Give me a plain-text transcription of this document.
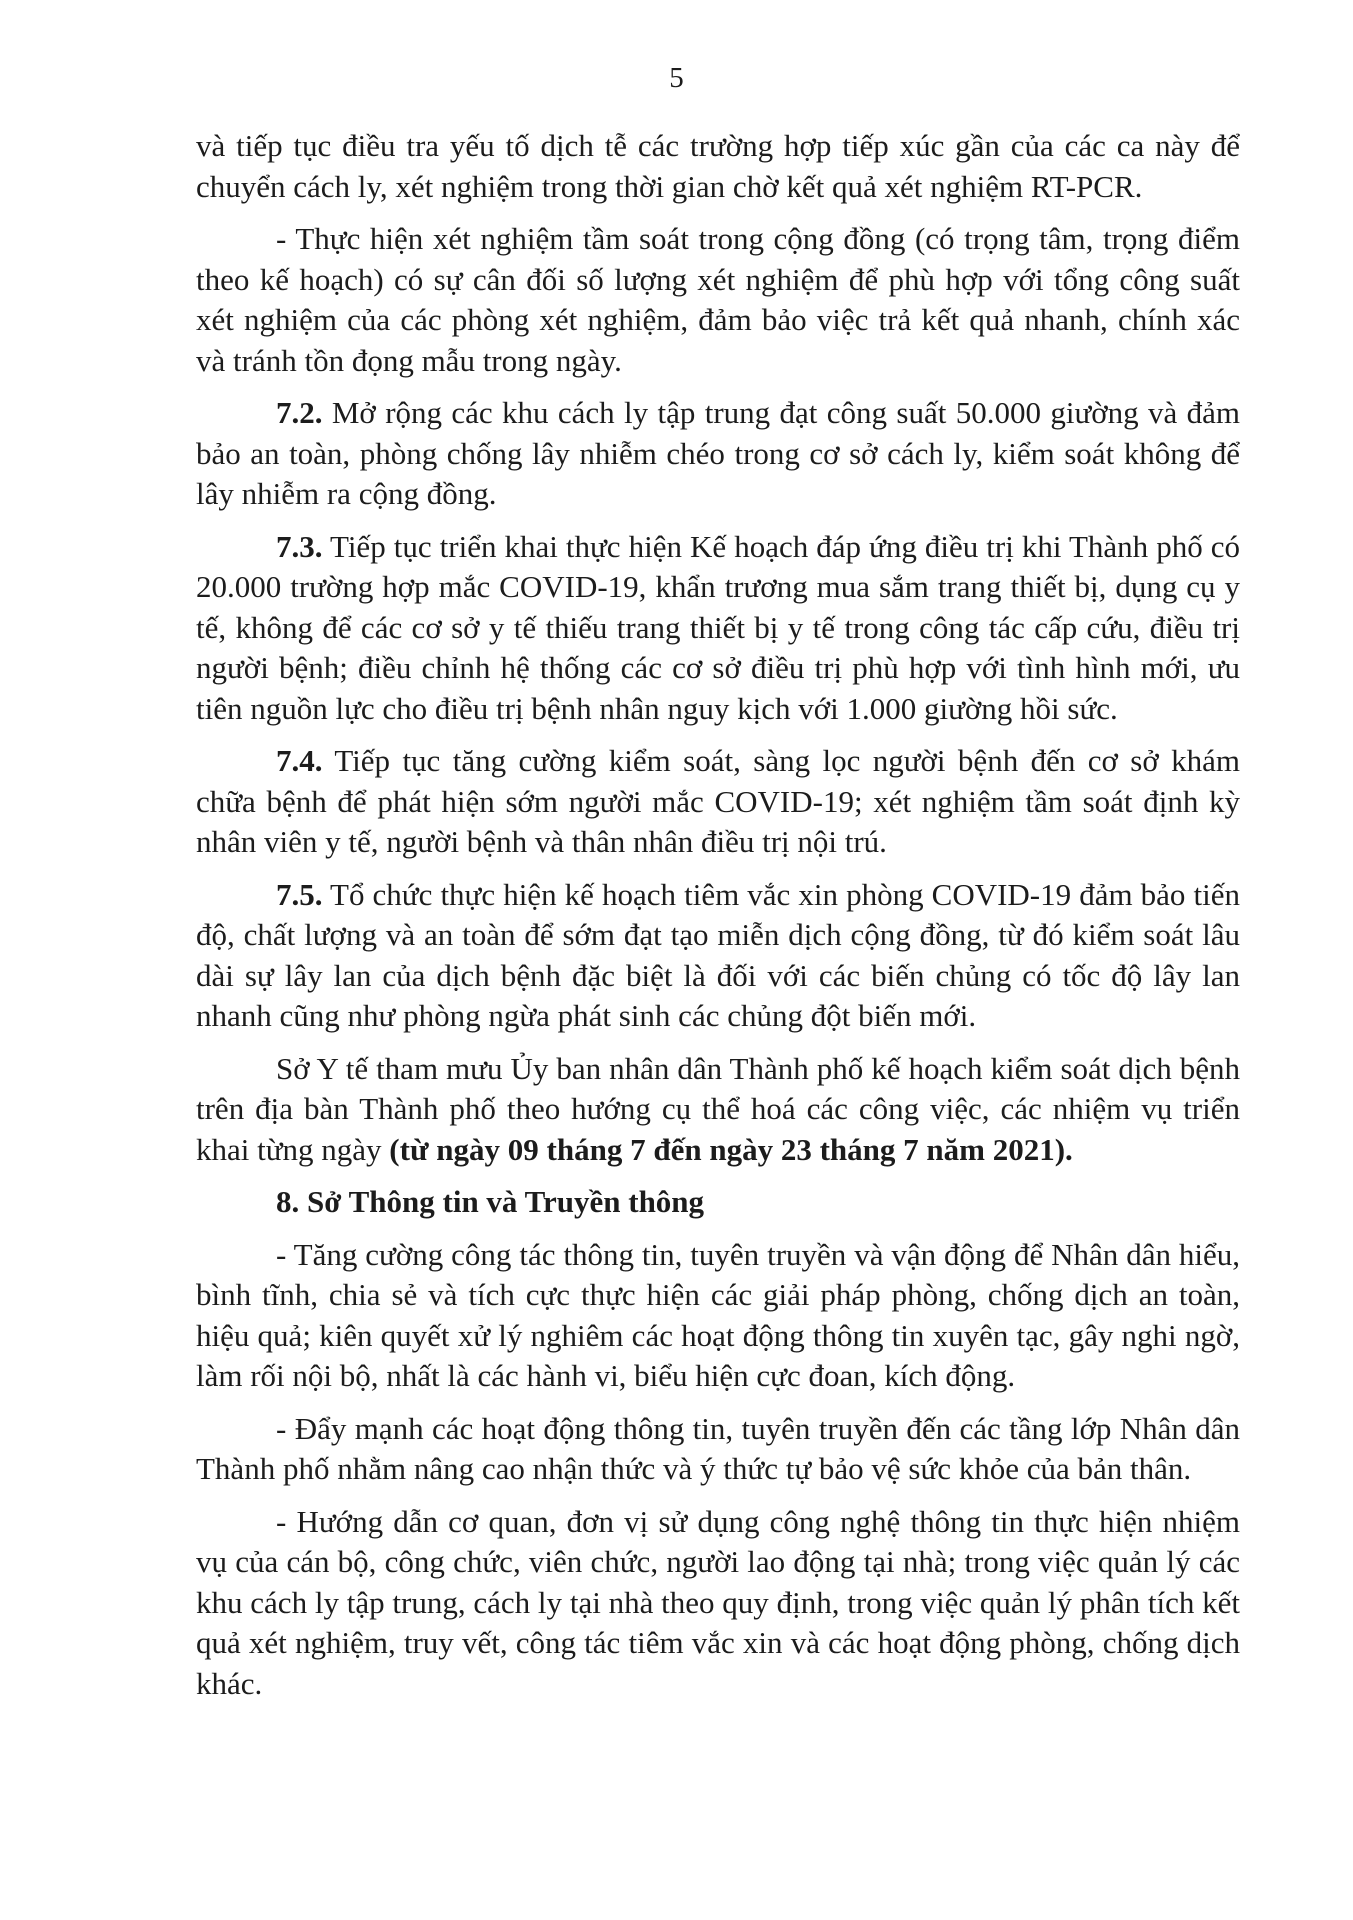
5

và tiếp tục điều tra yếu tố dịch tễ các trường hợp tiếp xúc gần của các ca này để chuyển cách ly, xét nghiệm trong thời gian chờ kết quả xét nghiệm RT-PCR.

- Thực hiện xét nghiệm tầm soát trong cộng đồng (có trọng tâm, trọng điểm theo kế hoạch) có sự cân đối số lượng xét nghiệm để phù hợp với tổng công suất xét nghiệm của các phòng xét nghiệm, đảm bảo việc trả kết quả nhanh, chính xác và tránh tồn đọng mẫu trong ngày.

7.2. Mở rộng các khu cách ly tập trung đạt công suất 50.000 giường và đảm bảo an toàn, phòng chống lây nhiễm chéo trong cơ sở cách ly, kiểm soát không để lây nhiễm ra cộng đồng.

7.3. Tiếp tục triển khai thực hiện Kế hoạch đáp ứng điều trị khi Thành phố có 20.000 trường hợp mắc COVID-19, khẩn trương mua sắm trang thiết bị, dụng cụ y tế, không để các cơ sở y tế thiếu trang thiết bị y tế trong công tác cấp cứu, điều trị người bệnh; điều chỉnh hệ thống các cơ sở điều trị phù hợp với tình hình mới, ưu tiên nguồn lực cho điều trị bệnh nhân nguy kịch với 1.000 giường hồi sức.

7.4. Tiếp tục tăng cường kiểm soát, sàng lọc người bệnh đến cơ sở khám chữa bệnh để phát hiện sớm người mắc COVID-19; xét nghiệm tầm soát định kỳ nhân viên y tế, người bệnh và thân nhân điều trị nội trú.

7.5. Tổ chức thực hiện kế hoạch tiêm vắc xin phòng COVID-19 đảm bảo tiến độ, chất lượng và an toàn để sớm đạt tạo miễn dịch cộng đồng, từ đó kiểm soát lâu dài sự lây lan của dịch bệnh đặc biệt là đối với các biến chủng có tốc độ lây lan nhanh cũng như phòng ngừa phát sinh các chủng đột biến mới.

Sở Y tế tham mưu Ủy ban nhân dân Thành phố kế hoạch kiểm soát dịch bệnh trên địa bàn Thành phố theo hướng cụ thể hoá các công việc, các nhiệm vụ triển khai từng ngày (từ ngày 09 tháng 7 đến ngày 23 tháng 7 năm 2021).

8. Sở Thông tin và Truyền thông

- Tăng cường công tác thông tin, tuyên truyền và vận động để Nhân dân hiểu, bình tĩnh, chia sẻ và tích cực thực hiện các giải pháp phòng, chống dịch an toàn, hiệu quả; kiên quyết xử lý nghiêm các hoạt động thông tin xuyên tạc, gây nghi ngờ, làm rối nội bộ, nhất là các hành vi, biểu hiện cực đoan, kích động.

- Đẩy mạnh các hoạt động thông tin, tuyên truyền đến các tầng lớp Nhân dân Thành phố nhằm nâng cao nhận thức và ý thức tự bảo vệ sức khỏe của bản thân.

- Hướng dẫn cơ quan, đơn vị sử dụng công nghệ thông tin thực hiện nhiệm vụ của cán bộ, công chức, viên chức, người lao động tại nhà; trong việc quản lý các khu cách ly tập trung, cách ly tại nhà theo quy định, trong việc quản lý phân tích kết quả xét nghiệm, truy vết, công tác tiêm vắc xin và các hoạt động phòng, chống dịch khác.
